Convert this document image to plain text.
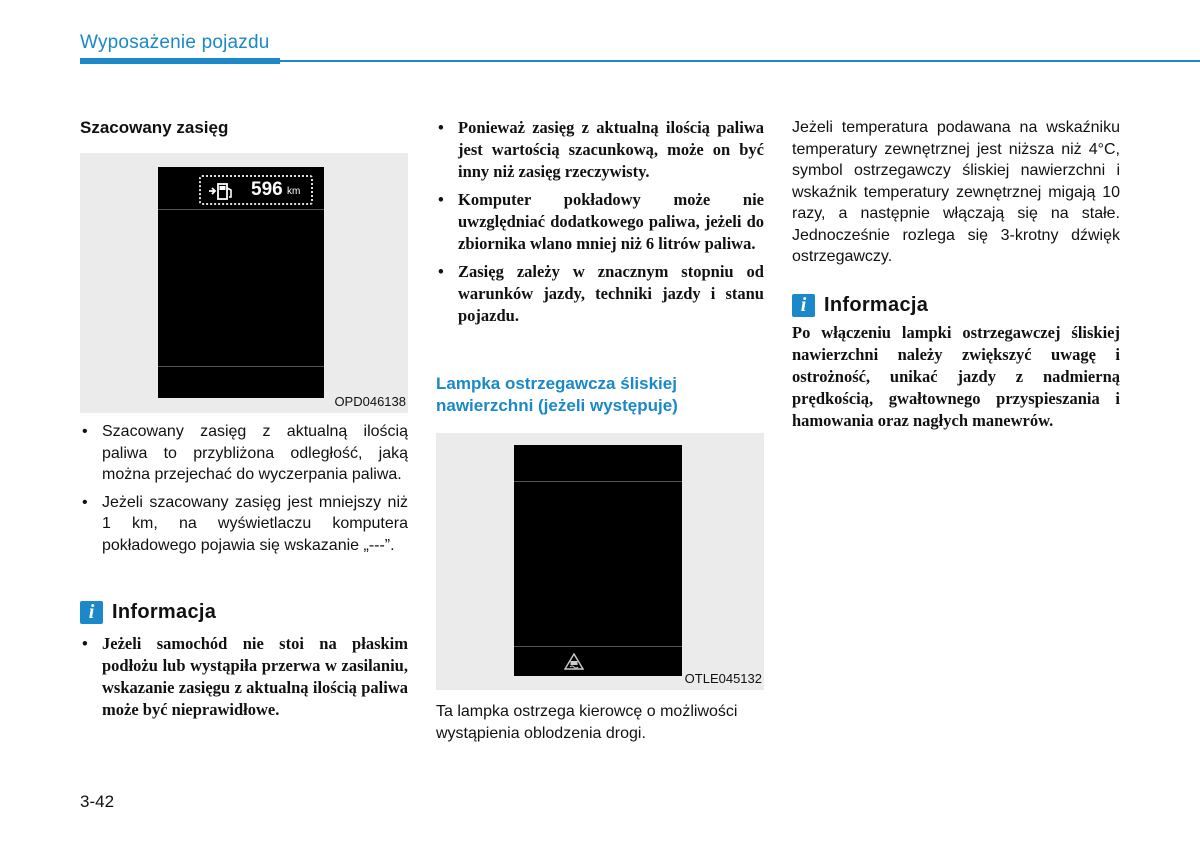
Wyposażenie pojazdu
Szacowany zasięg
596 km
OPD046138
• Szacowany zasięg z aktualną ilością paliwa to przybliżona odległość, jaką można przejechać do wyczerpania paliwa.
• Jeżeli szacowany zasięg jest mniejszy niż 1 km, na wyświetlaczu komputera pokładowego pojawia się wskazanie „---”.
i Informacja
• Jeżeli samochód nie stoi na płaskim podłożu lub wystąpiła przerwa w zasilaniu, wskazanie zasięgu z aktualną ilością paliwa może być nieprawidłowe.
• Ponieważ zasięg z aktualną ilością paliwa jest wartością szacunkową, może on być inny niż zasięg rzeczywisty.
• Komputer pokładowy może nie uwzględniać dodatkowego paliwa, jeżeli do zbiornika wlano mniej niż 6 litrów paliwa.
• Zasięg zależy w znacznym stopniu od warunków jazdy, techniki jazdy i stanu pojazdu.
Lampka ostrzegawcza śliskiej nawierzchni (jeżeli występuje)
OTLE045132
Ta lampka ostrzega kierowcę o możliwości wystąpienia oblodzenia drogi.
Jeżeli temperatura podawana na wskaźniku temperatury zewnętrznej jest niższa niż 4°C, symbol ostrzegawczy śliskiej nawierzchni i wskaźnik temperatury zewnętrznej migają 10 razy, a następnie włączają się na stałe. Jednocześnie rozlega się 3-krotny dźwięk ostrzegawczy.
i Informacja
Po włączeniu lampki ostrzegawczej śliskiej nawierzchni należy zwiększyć uwagę i ostrożność, unikać jazdy z nadmierną prędkością, gwałtownego przyspieszania i hamowania oraz nagłych manewrów.
3-42
